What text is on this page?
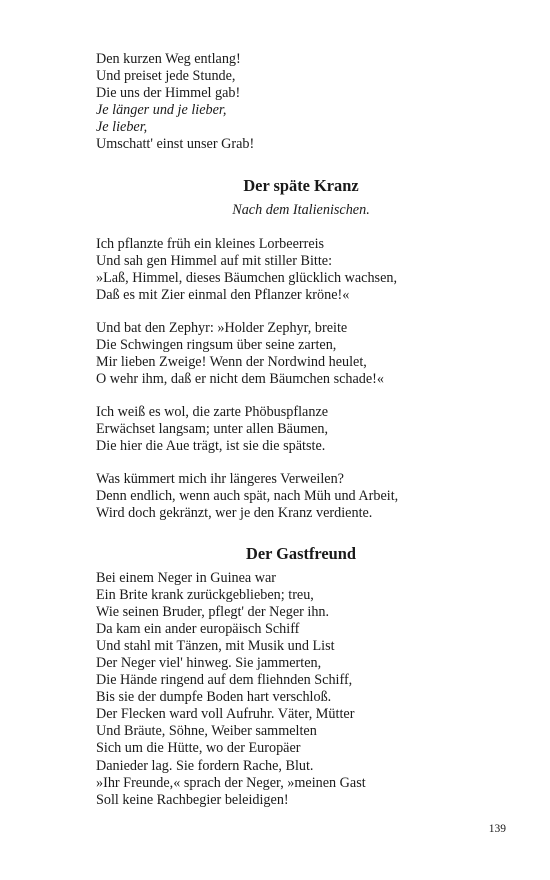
Den kurzen Weg entlang!
Und preiset jede Stunde,
Die uns der Himmel gab!
Je länger und je lieber,
Je lieber,
Umschatt' einst unser Grab!
Der späte Kranz
Nach dem Italienischen.
Ich pflanzte früh ein kleines Lorbeerreis
Und sah gen Himmel auf mit stiller Bitte:
»Laß, Himmel, dieses Bäumchen glücklich wachsen,
Daß es mit Zier einmal den Pflanzer kröne!«
Und bat den Zephyr: »Holder Zephyr, breite
Die Schwingen ringsum über seine zarten,
Mir lieben Zweige! Wenn der Nordwind heulet,
O wehr ihm, daß er nicht dem Bäumchen schade!«
Ich weiß es wol, die zarte Phöbuspflanze
Erwächset langsam; unter allen Bäumen,
Die hier die Aue trägt, ist sie die spätste.
Was kümmert mich ihr längeres Verweilen?
Denn endlich, wenn auch spät, nach Müh und Arbeit,
Wird doch gekränzt, wer je den Kranz verdiente.
Der Gastfreund
Bei einem Neger in Guinea war
Ein Brite krank zurückgeblieben; treu,
Wie seinen Bruder, pflegt' der Neger ihn.
Da kam ein ander europäisch Schiff
Und stahl mit Tänzen, mit Musik und List
Der Neger viel' hinweg. Sie jammerten,
Die Hände ringend auf dem fliehnden Schiff,
Bis sie der dumpfe Boden hart verschloß.
Der Flecken ward voll Aufruhr. Väter, Mütter
Und Bräute, Söhne, Weiber sammelten
Sich um die Hütte, wo der Europäer
Danieder lag. Sie fordern Rache, Blut.
»Ihr Freunde,« sprach der Neger, »meinen Gast
Soll keine Rachbegier beleidigen!
139
